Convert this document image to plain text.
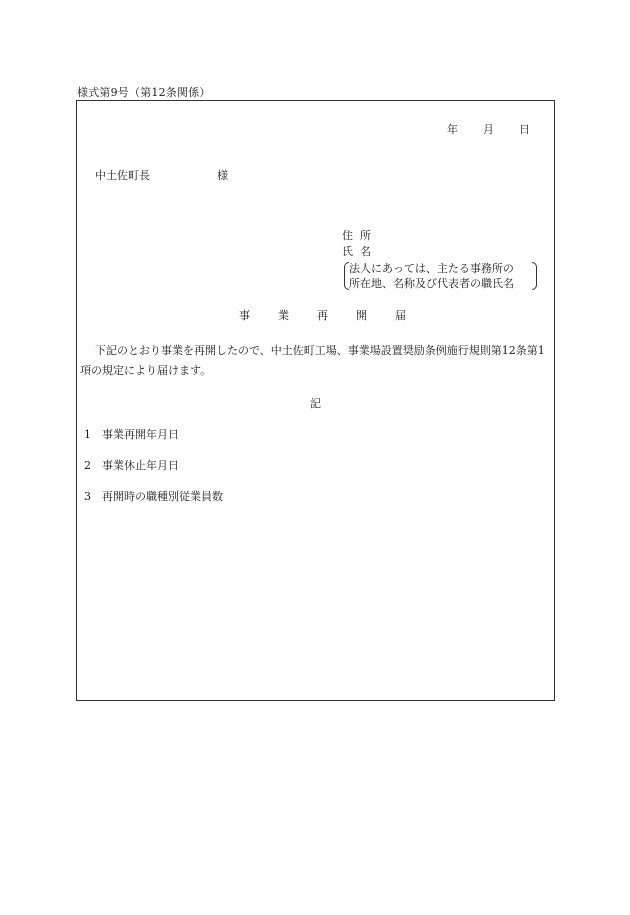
様式第9号（第12条関係）
年 月 日
中土佐町長	様
住所
氏名
法人にあっては、主たる事務所の
所在地、名称及び代表者の職氏名
事業再開届
下記のとおり事業を再開したので、中土佐町工場、事業場設置奨励条例施行規則第12条第1項の規定により届けます。
記
1 事業再開年月日
2 事業休止年月日
3 再開時の職種別従業員数
